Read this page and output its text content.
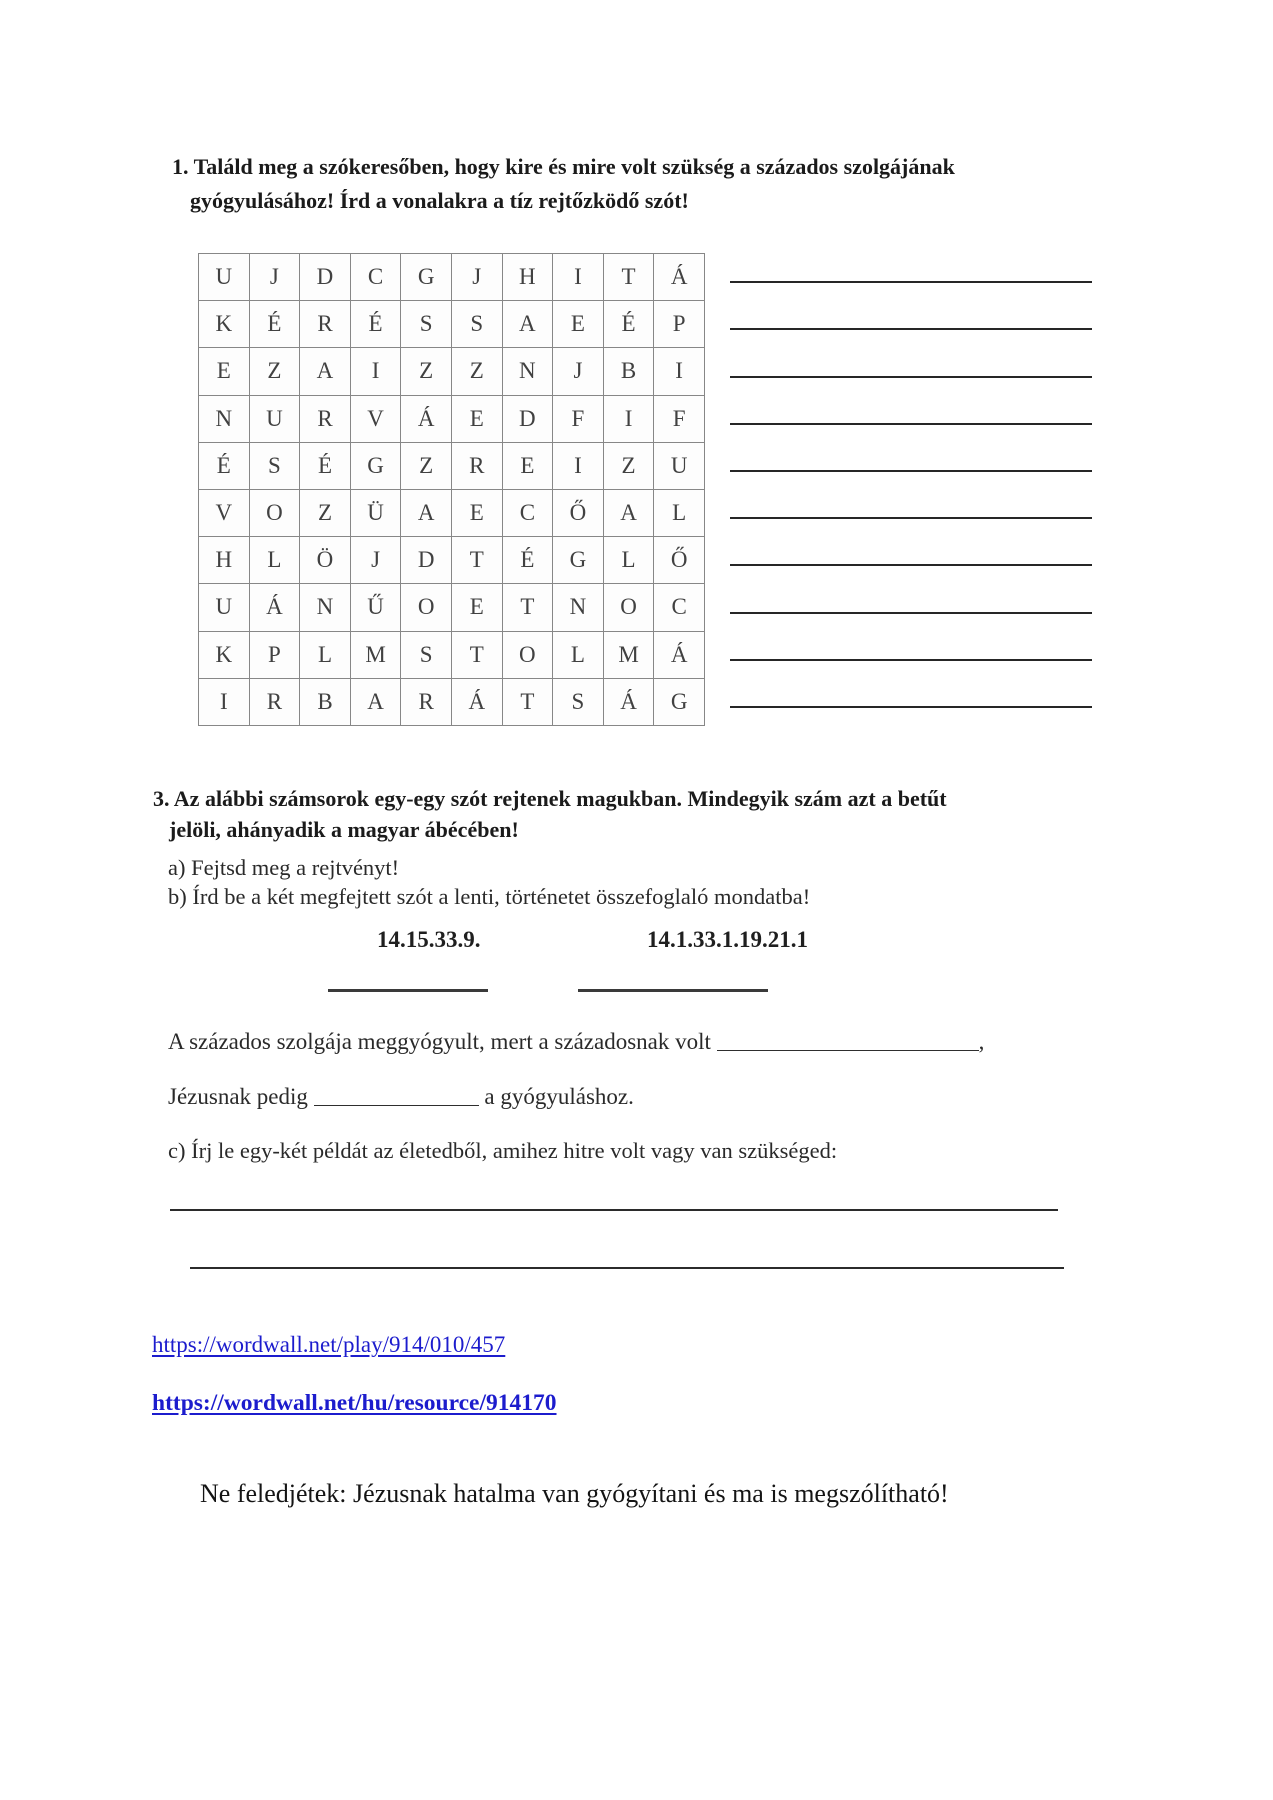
1. Találd meg a szókeresőben, hogy kire és mire volt szükség a százados szolgájának
gyógyulásához! Írd a vonalakra a tíz rejtőzködő szót!
U	J	D	C	G	J	H	I	T	Á
K	É	R	É	S	S	A	E	É	P
E	Z	A	I	Z	Z	N	J	B	I
N	U	R	V	Á	E	D	F	I	F
É	S	É	G	Z	R	E	I	Z	U
V	O	Z	Ü	A	E	C	Ő	A	L
H	L	Ö	J	D	T	É	G	L	Ő
U	Á	N	Ű	O	E	T	N	O	C
K	P	L	M	S	T	O	L	M	Á
I	R	B	A	R	Á	T	S	Á	G
3. Az alábbi számsorok egy-egy szót rejtenek magukban. Mindegyik szám azt a betűt
jelöli, ahányadik a magyar ábécében!
a) Fejtsd meg a rejtvényt!
b) Írd be a két megfejtett szót a lenti, történetet összefoglaló mondatba!
14.15.33.9.	14.1.33.1.19.21.1
A százados szolgája meggyógyult, mert a századosnak volt	,
Jézusnak pedig	a gyógyuláshoz.
c) Írj le egy-két példát az életedből, amihez hitre volt vagy van szükséged:
https://wordwall.net/play/914/010/457
https://wordwall.net/hu/resource/914170
Ne feledjétek: Jézusnak hatalma van gyógyítani és ma is megszólítható!
